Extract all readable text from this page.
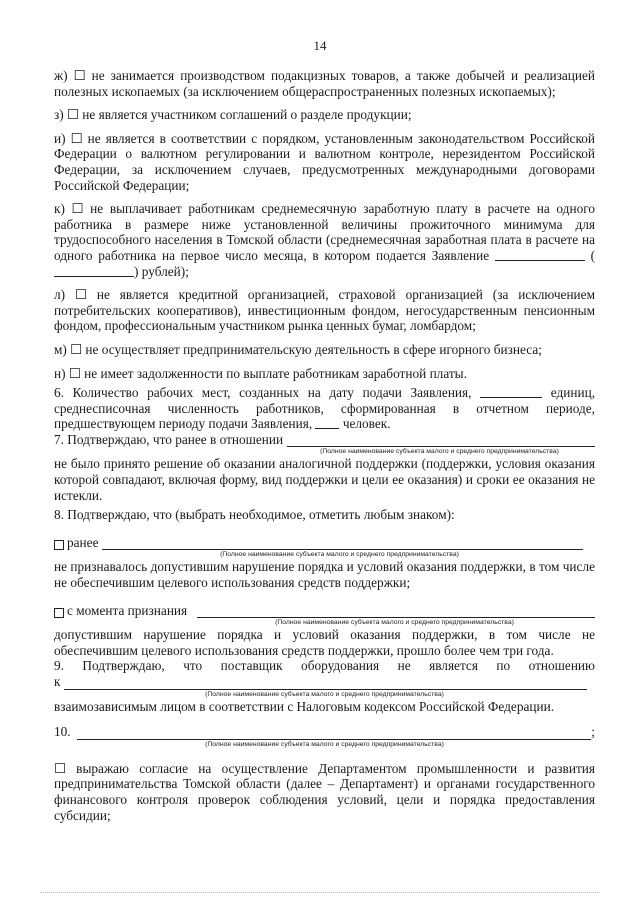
14

ж) ☐ не занимается производством подакцизных товаров, а также добычей и реализацией полезных ископаемых (за исключением общераспространенных полезных ископаемых);

з) ☐ не является участником соглашений о разделе продукции;

и) ☐ не является в соответствии с порядком, установленным законодательством Российской Федерации о валютном регулировании и валютном контроле, нерезидентом Российской Федерации, за исключением случаев, предусмотренных международными договорами Российской Федерации;

к) ☐ не выплачивает работникам среднемесячную заработную плату в расчете на одного работника в размере ниже установленной величины прожиточного минимума для трудоспособного населения в Томской области (среднемесячная заработная плата в расчете на одного работника на первое число месяца, в котором подается Заявление	() рублей);

л) ☐ не является кредитной организацией, страховой организацией (за исключением потребительских кооперативов), инвестиционным фондом, негосударственным пенсионным фондом, профессиональным участником рынка ценных бумаг, ломбардом;

м) ☐ не осуществляет предпринимательскую деятельность в сфере игорного бизнеса;

н) ☐ не имеет задолженности по выплате работникам заработной платы.

6. Количество рабочих мест, созданных на дату подачи Заявления,	единиц, среднесписочная численность работников, сформированная в отчетном периоде, предшествующем периоду подачи Заявления, человек.

7. Подтверждаю, что ранее в отношении
(Полное наименование субъекта малого и среднего предпринимательства)

не было принято решение об оказании аналогичной поддержки (поддержки, условия оказания которой совпадают, включая форму, вид поддержки и цели ее оказания) и сроки ее оказания не истекли.

8. Подтверждаю, что (выбрать необходимое, отметить любым знаком):

ранее
(Полное наименование субъекта малого и среднего предпринимательства)

не признавалось допустившим нарушение порядка и условий оказания поддержки, в том числе не обеспечившим целевого использования средств поддержки;

с момента признания
(Полное наименование субъекта малого и среднего предпринимательства)

допустившим нарушение порядка и условий оказания поддержки, в том числе не обеспечившим целевого использования средств поддержки, прошло более чем три года.

9. Подтверждаю, что поставщик оборудования не является по отношению

к
(Полное наименование субъекта малого и среднего предпринимательства)

взаимозависимым лицом в соответствии с Налоговым кодексом Российской Федерации.

10.	;
(Полное наименование субъекта малого и среднего предпринимательства)

☐ выражаю согласие на осуществление Департаментом промышленности и развития предпринимательства Томской области (далее – Департамент) и органами государственного финансового контроля проверок соблюдения условий, цели и порядка предоставления субсидии;
